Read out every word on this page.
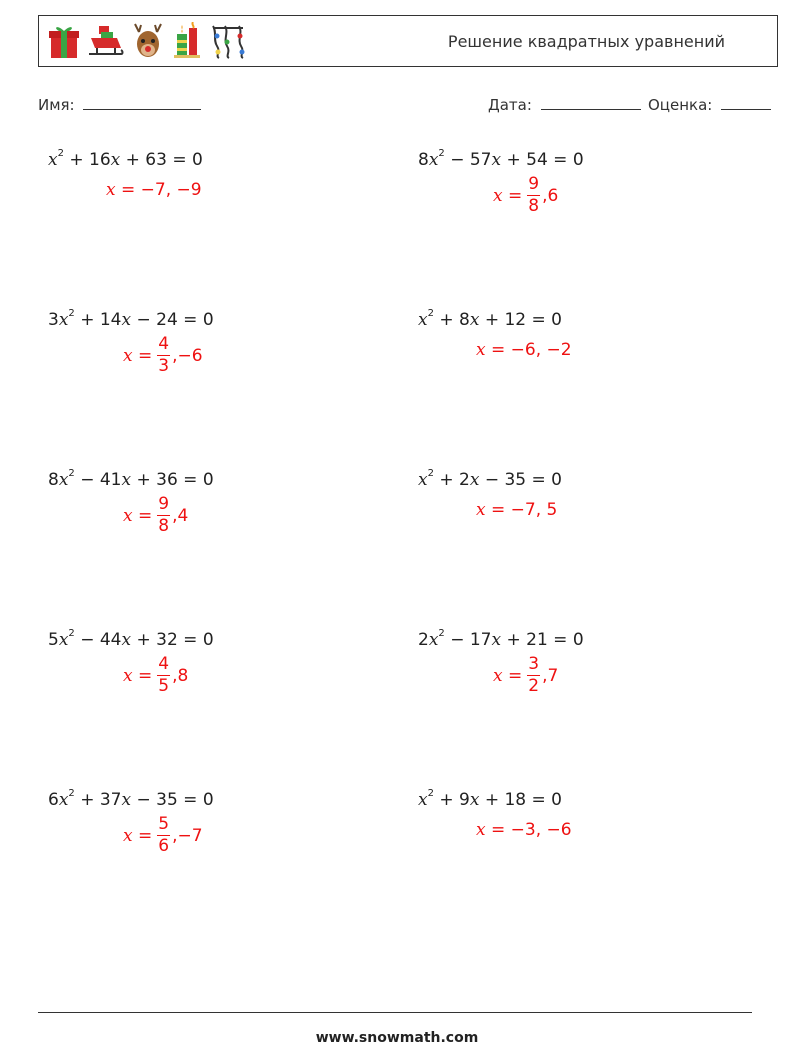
Решение квадратных уравнений
Имя:	Дата:	Оценка:
$x^2 + 16x + 63 = 0$
x = −7, −9
$8x^2 - 57x + 54 = 0$
$x = \frac{9}{8} ,6$
$3x^2 + 14x - 24 = 0$
$x = \frac{4}{3} ,-6$
$x^2 + 8x + 12 = 0$
x = −6, −2
$8x^2 - 41x + 36 = 0$
$x = \frac{9}{8} ,4$
$x^2 + 2x - 35 = 0$
x = −7, 5
$5x^2 - 44x + 32 = 0$
$x = \frac{4}{5} ,8$
$2x^2 - 17x + 21 = 0$
$x = \frac{3}{2} ,7$
$6x^2 + 37x - 35 = 0$
$x = \frac{5}{6} ,-7$
$x^2 + 9x + 18 = 0$
x = −3, −6
www.snowmath.com
